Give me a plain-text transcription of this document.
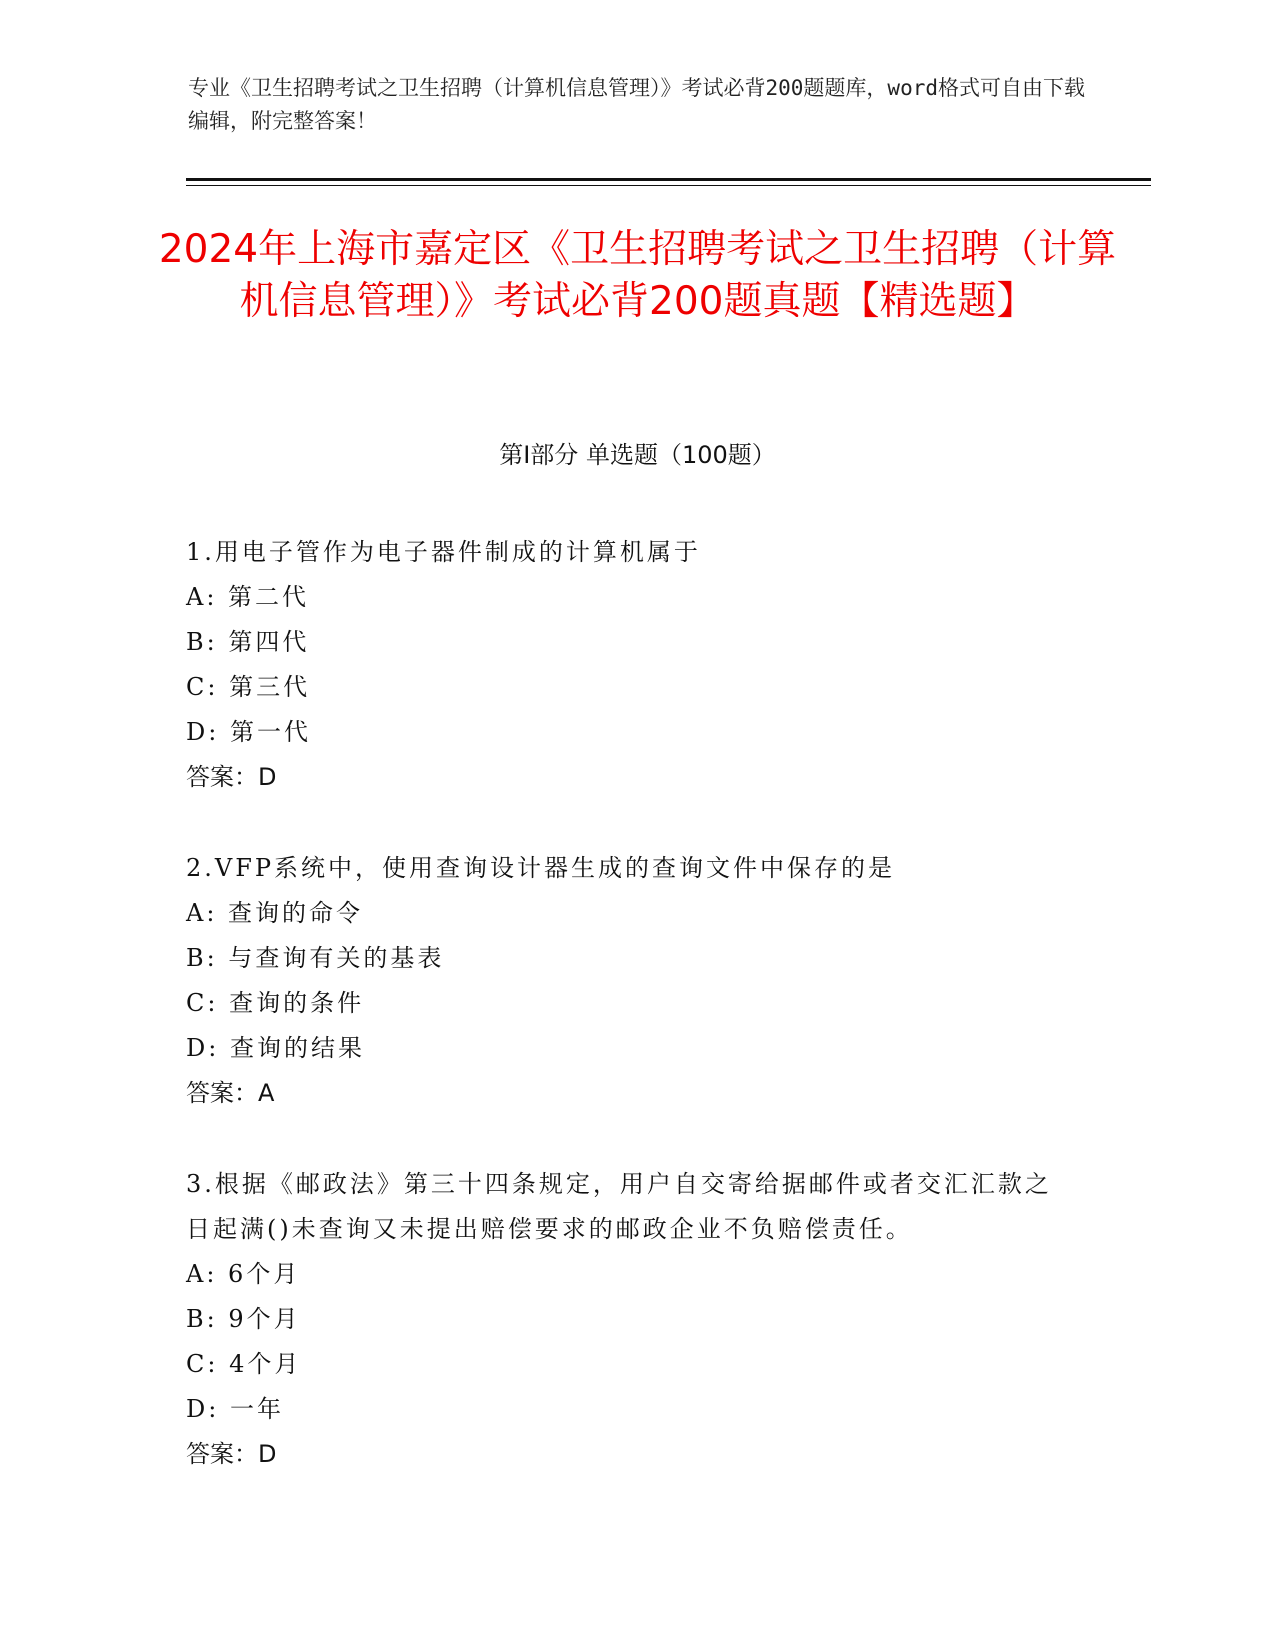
专业《卫生招聘考试之卫生招聘（计算机信息管理）》考试必背200题题库，word格式可自由下载编辑，附完整答案！
2024年上海市嘉定区《卫生招聘考试之卫生招聘（计算机信息管理）》考试必背200题真题【精选题】
第I部分 单选题（100题）
1.用电子管作为电子器件制成的计算机属于
A: 第二代
B: 第四代
C: 第三代
D: 第一代
答案：D
2.VFP系统中，使用查询设计器生成的查询文件中保存的是
A: 查询的命令
B: 与查询有关的基表
C: 查询的条件
D: 查询的结果
答案：A
3.根据《邮政法》第三十四条规定，用户自交寄给据邮件或者交汇汇款之日起满()未查询又未提出赔偿要求的邮政企业不负赔偿责任。
A: 6个月
B: 9个月
C: 4个月
D: 一年
答案：D
